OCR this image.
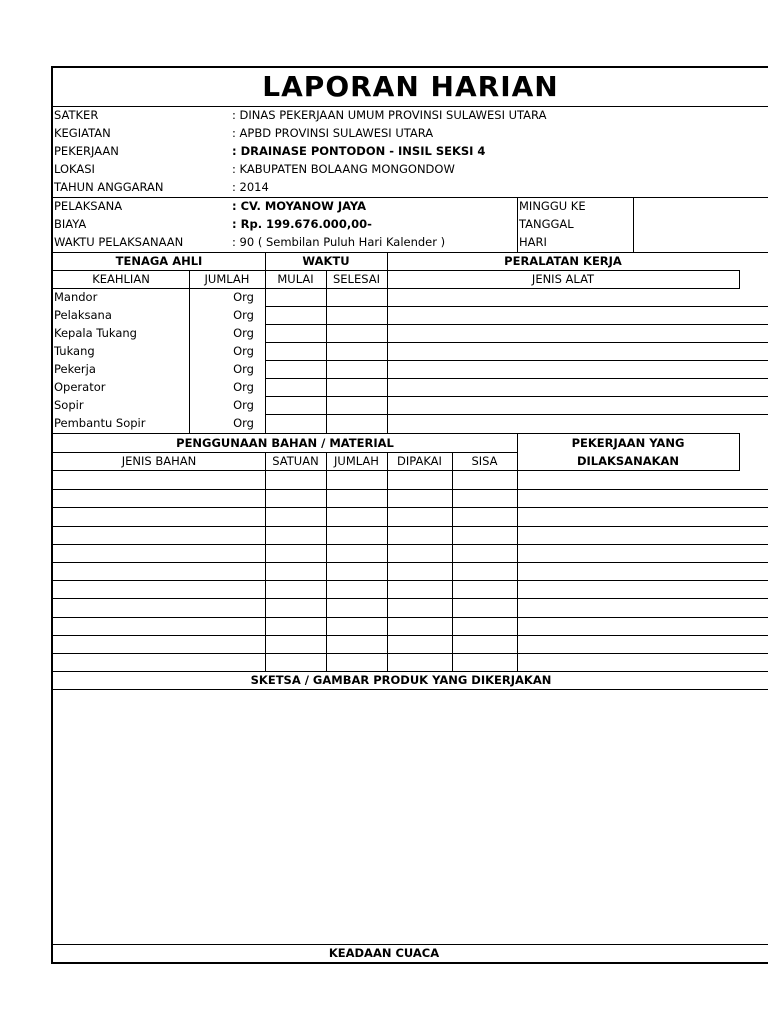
LAPORAN HARIAN
SATKER	: DINAS PEKERJAAN UMUM PROVINSI SULAWESI UTARA
KEGIATAN	: APBD PROVINSI SULAWESI UTARA
PEKERJAAN	: DRAINASE PONTODON - INSIL SEKSI 4
LOKASI	: KABUPATEN BOLAANG MONGONDOW
TAHUN ANGGARAN	: 2014
PELAKSANA	: CV. MOYANOW JAYA	MINGGU KE
BIAYA	: Rp. 199.676.000,00-	TANGGAL
WAKTU PELAKSANAAN	: 90 ( Sembilan Puluh Hari Kalender )	HARI
TENAGA AHLI	WAKTU	PERALATAN KERJA
KEAHLIAN	JUMLAH	MULAI	SELESAI	JENIS ALAT
Mandor	Org
Pelaksana	Org
Kepala Tukang	Org
Tukang	Org
Pekerja	Org
Operator	Org
Sopir	Org
Pembantu Sopir	Org
PENGGUNAAN BAHAN / MATERIAL	PEKERJAAN YANG
DILAKSANAKAN
JENIS BAHAN	SATUAN	JUMLAH	DIPAKAI	SISA
SKETSA / GAMBAR PRODUK YANG DIKERJAKAN
KEADAAN CUACA
